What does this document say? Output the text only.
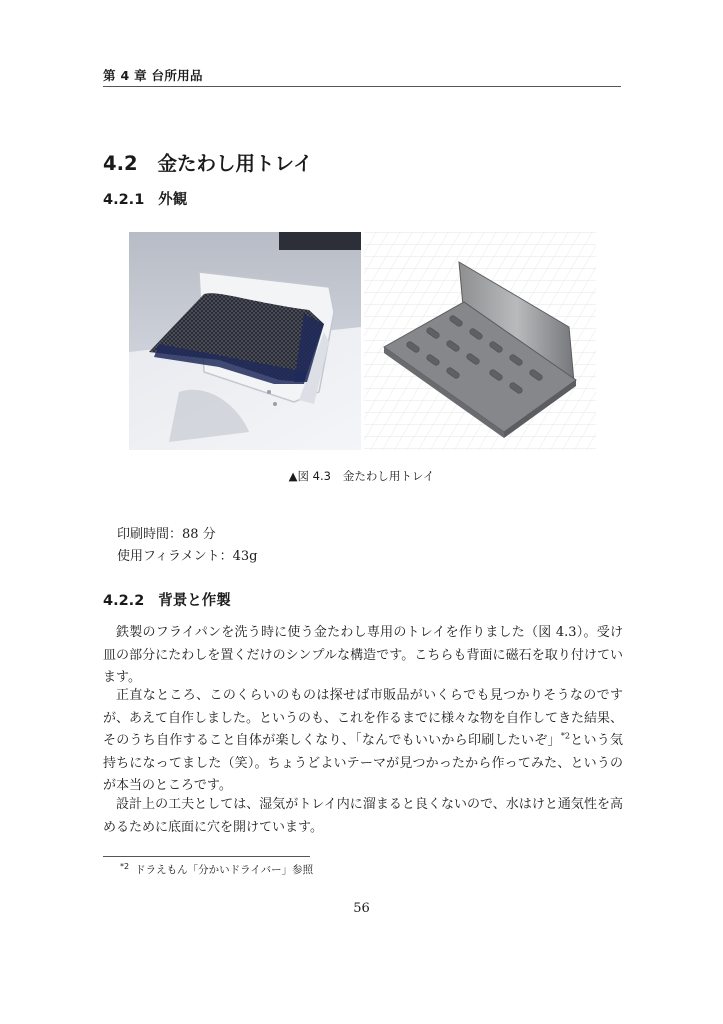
第 4 章 台所用品
4.2 金たわし用トレイ
4.2.1 外観
▲図 4.3 金たわし用トレイ
印刷時間：88 分
使用フィラメント：43g
4.2.2 背景と作製

鉄製のフライパンを洗う時に使う金たわし専用のトレイを作りました（図 4.3）。受け皿の部分にたわしを置くだけのシンプルな構造です。こちらも背面に磁石を取り付けています。

正直なところ、このくらいのものは探せば市販品がいくらでも見つかりそうなのですが、あえて自作しました。というのも、これを作るまでに様々な物を自作してきた結果、そのうち自作すること自体が楽しくなり、「なんでもいいから印刷したいぞ」$^{*2}$という気持ちになってました（笑）。ちょうどよいテーマが見つかったから作ってみた、というのが本当のところです。

設計上の工夫としては、湿気がトレイ内に溜まると良くないので、水はけと通気性を高めるために底面に穴を開けています。

$^{*2}$ ドラえもん「分かいドライバー」参照
56
